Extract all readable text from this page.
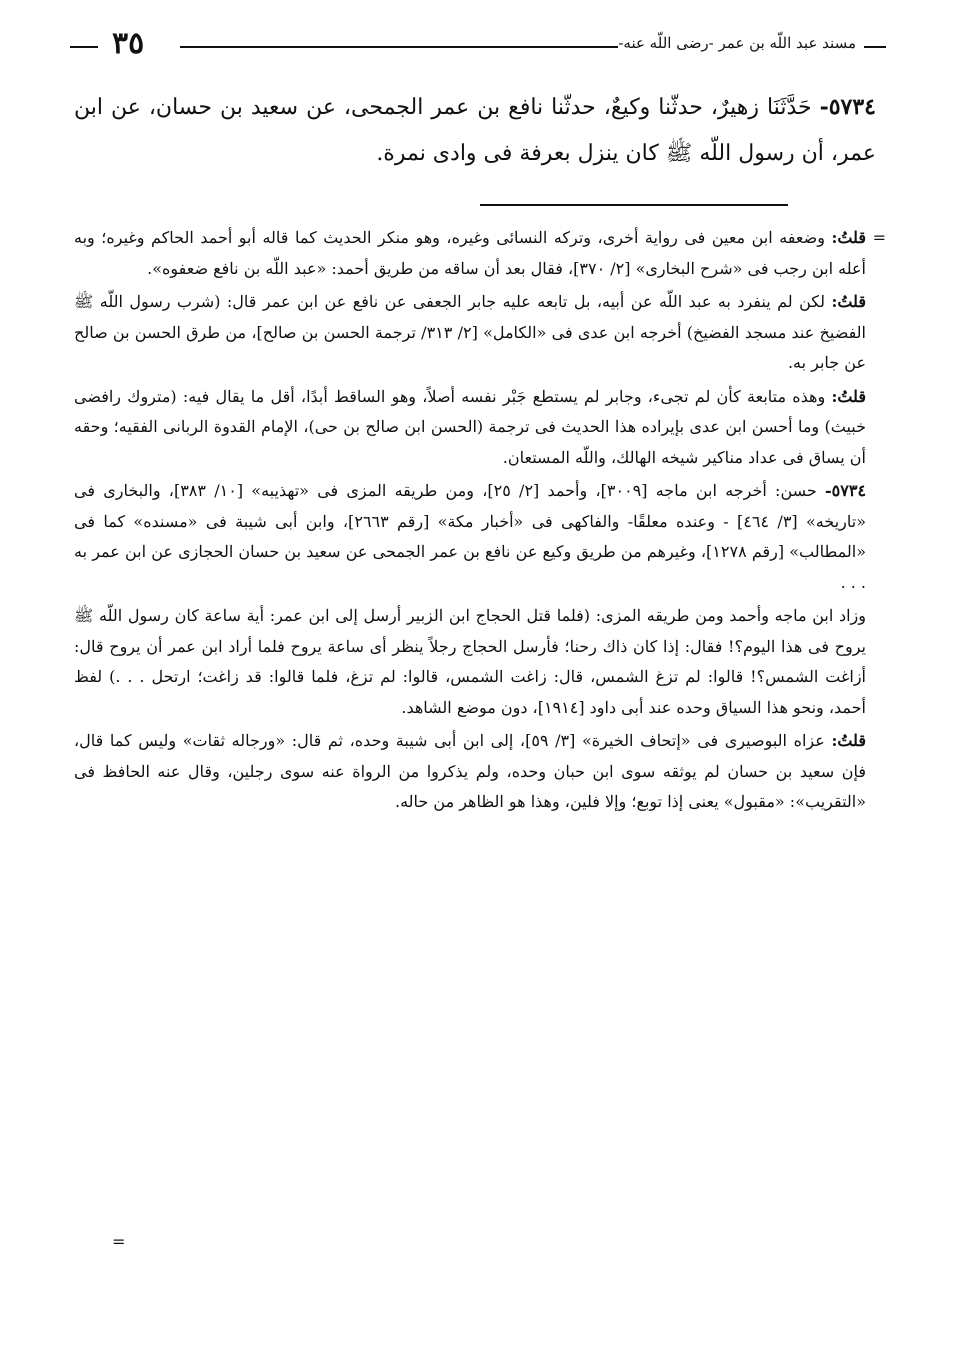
مسند عبد اللّه بن عمر -رضى اللّه عنه-
٣٥
٥٧٣٤- حَدَّثَنَا زهيرٌ، حدثّنا وكيعٌ، حدثّنا نافع بن عمر الجمحى، عن سعيد بن حسان، عن ابن عمر، أن رسول اللّه ﷺ كان ينزل بعرفة فى وادى نمرة.
=
قلتُ: وضعفه ابن معين فى رواية أخرى، وتركه النسائى وغيره، وهو منكر الحديث كما قاله أبو أحمد الحاكم وغيره؛ وبه أعله ابن رجب فى «شرح البخارى» [٢/ ٣٧٠]، فقال بعد أن ساقه من طريق أحمد: «عبد اللّه بن نافع ضعفوه».
قلتُ: لكن لم ينفرد به عبد اللّه عن أبيه، بل تابعه عليه جابر الجعفى عن نافع عن ابن عمر قال: (شرب رسول اللّه ﷺ الفضيخ عند مسجد الفضيخ) أخرجه ابن عدى فى «الكامل» [٢/ ٣١٣/ ترجمة الحسن بن صالح]، من طرق الحسن بن صالح عن جابر به.
قلتُ: وهذه متابعة كأن لم تجىء، وجابر لم يستطع جَبْر نفسه أصلاً، وهو الساقط أبدًا، أقل ما يقال فيه: (متروك رافضى خبيث) وما أحسن ابن عدى بإيراده هذا الحديث فى ترجمة (الحسن ابن صالح بن حى)، الإمام القدوة الربانى الفقيه؛ وحقه أن يساق فى عداد مناكير شيخه الهالك، واللّه المستعان.
٥٧٣٤- حسن: أخرجه ابن ماجه [٣٠٠٩]، وأحمد [٢/ ٢٥]، ومن طريقه المزى فى «تهذيبه» [١٠/ ٣٨٣]، والبخارى فى «تاريخه» [٣/ ٤٦٤] - وعنده معلقًا- والفاكهى فى «أخبار مكة» [رقم ٢٦٦٣]، وابن أبى شيبة فى «مسنده» كما فى «المطالب» [رقم ١٢٧٨]، وغيرهم من طريق وكيع عن نافع بن عمر الجمحى عن سعيد بن حسان الحجازى عن ابن عمر به . . .
وزاد ابن ماجه وأحمد ومن طريقه المزى: (فلما قتل الحجاج ابن الزبير أرسل إلى ابن عمر: أية ساعة كان رسول اللّه ﷺ يروح فى هذا اليوم؟! فقال: إذا كان ذاك رحنا؛ فأرسل الحجاج رجلاً ينظر أى ساعة يروح فلما أراد ابن عمر أن يروح قال: أزاغت الشمس؟! قالوا: لم تزغ الشمس، قال: زاغت الشمس، قالوا: لم تزغ، فلما قالوا: قد زاغت؛ ارتحل . . .) لفظ أحمد، ونحو هذا السياق وحده عند أبى داود [١٩١٤]، دون موضع الشاهد.
قلتُ: عزاه البوصيرى فى «إتحاف الخيرة» [٣/ ٥٩]، إلى ابن أبى شيبة وحده، ثم قال: «ورجاله ثقات» وليس كما قال، فإن سعيد بن حسان لم يوثقه سوى ابن حبان وحده، ولم يذكروا من الرواة عنه سوى رجلين، وقال عنه الحافظ فى «التقريب»: «مقبول» يعنى إذا توبع؛ وإلا فلين، وهذا هو الظاهر من حاله.
=
